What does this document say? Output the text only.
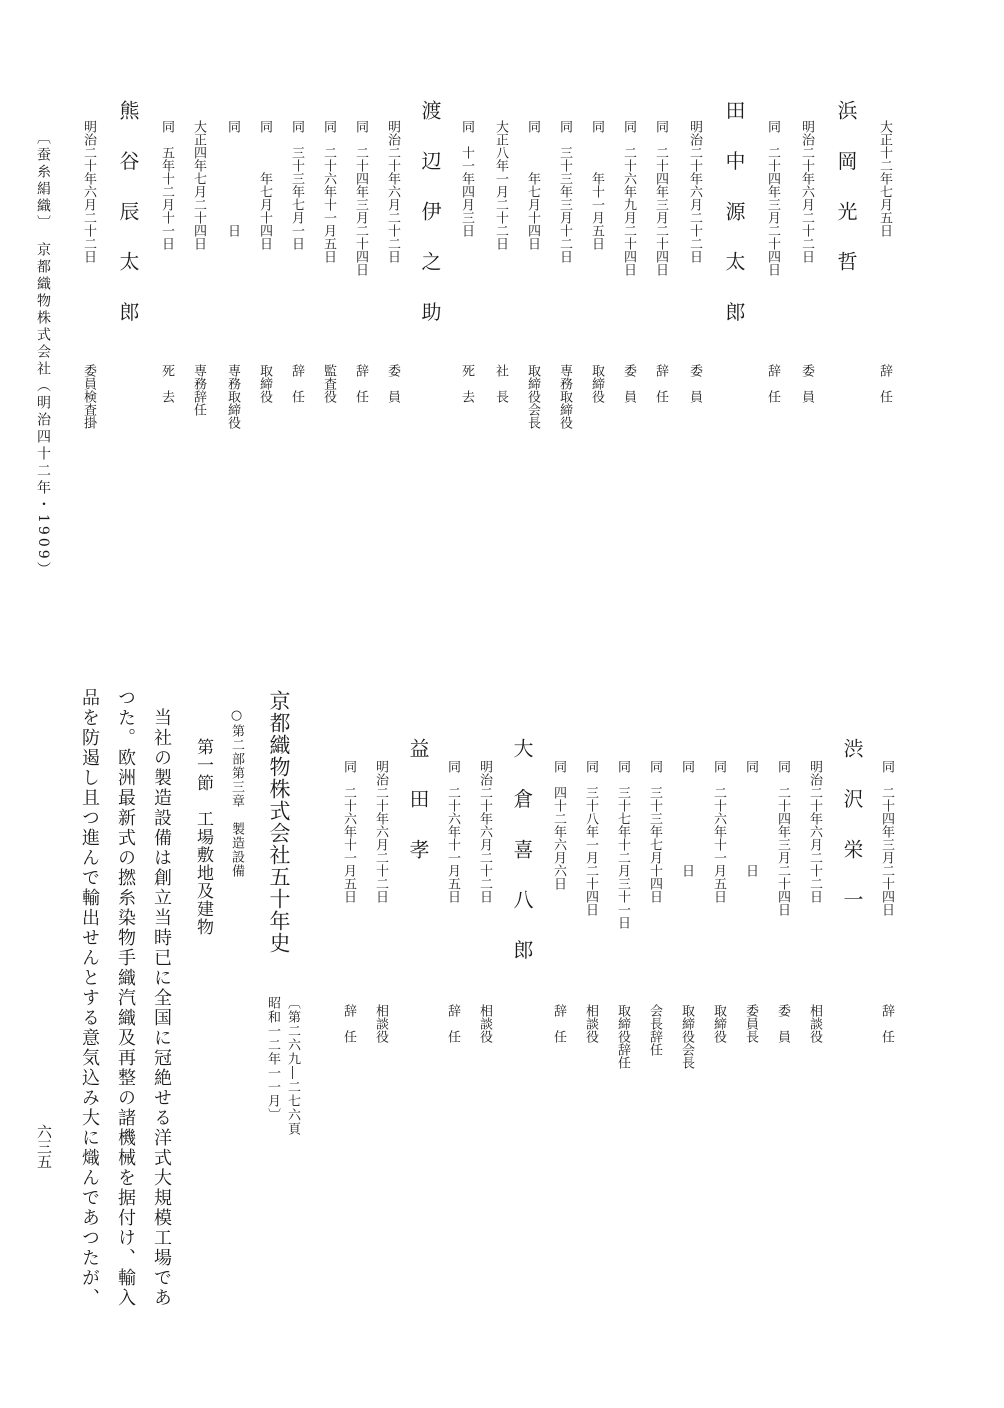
大正十二年七月五日
辞　任
浜 岡 光 哲
明治二十年六月二十二日
委　員
同　二十四年三月二十四日
辞　任
田 中 源 太 郎
明治二十年六月二十二日
委　員
同　二十四年三月二十四日
辞　任
同　二十六年九月二十四日
委　員
同　　　年十一月五日
取締役
同　三十三年三月十二日
専務取締役
同　　　年七月十四日
取締役会長
大正八年一月二十二日
社　長
同　十一年四月三日
死　去
渡 辺 伊 之 助
明治二十年六月二十二日
委　員
同　二十四年三月二十四日
辞　任
同　二十六年十一月五日
監査役
同　三十三年七月一日
辞　任
同　　　年七月十四日
取締役
同　　　　　　　日
専務取締役
大正四年七月二十四日
専務辞任
同　五年十二月十一日
死　去
熊 谷 辰 太 郎
明治二十年六月二十二日
委員検査掛
〔蚕糸絹織〕　京都織物株式会社（明治四十二年・1909）
同　二十四年三月二十四日
辞　任
渋 沢 栄 一
明治二十年六月二十二日
相談役
同　二十四年三月二十四日
委　員
同　　　　　　　日
委員長
同　二十六年十一月五日
取締役
同　　　　　　　日
取締役会長
同　三十三年七月十四日
会長辞任
同　三十七年十二月三十一日
取締役辞任
同　三十八年一月二十四日
相談役
同　四十二年六月六日
辞　任
大 倉 喜 八 郎
明治二十年六月二十二日
相談役
同　二十六年十一月五日
辞　任
益 田 孝
明治二十年六月二十二日
相談役
同　二十六年十一月五日
辞　任
京都織物株式会社五十年史
〔第二六九―二七六頁
昭和一二年一一月〕
○第二部第三章　製造設備
第一節　工場敷地及建物
当社の製造設備は創立当時已に全国に冠絶せる洋式大規模工場であ
つた。欧洲最新式の撚糸染物手織汽織及再整の諸機械を据付け、輸入
品を防遏し且つ進んで輸出せんとする意気込み大に熾んであつたが、
六三五
